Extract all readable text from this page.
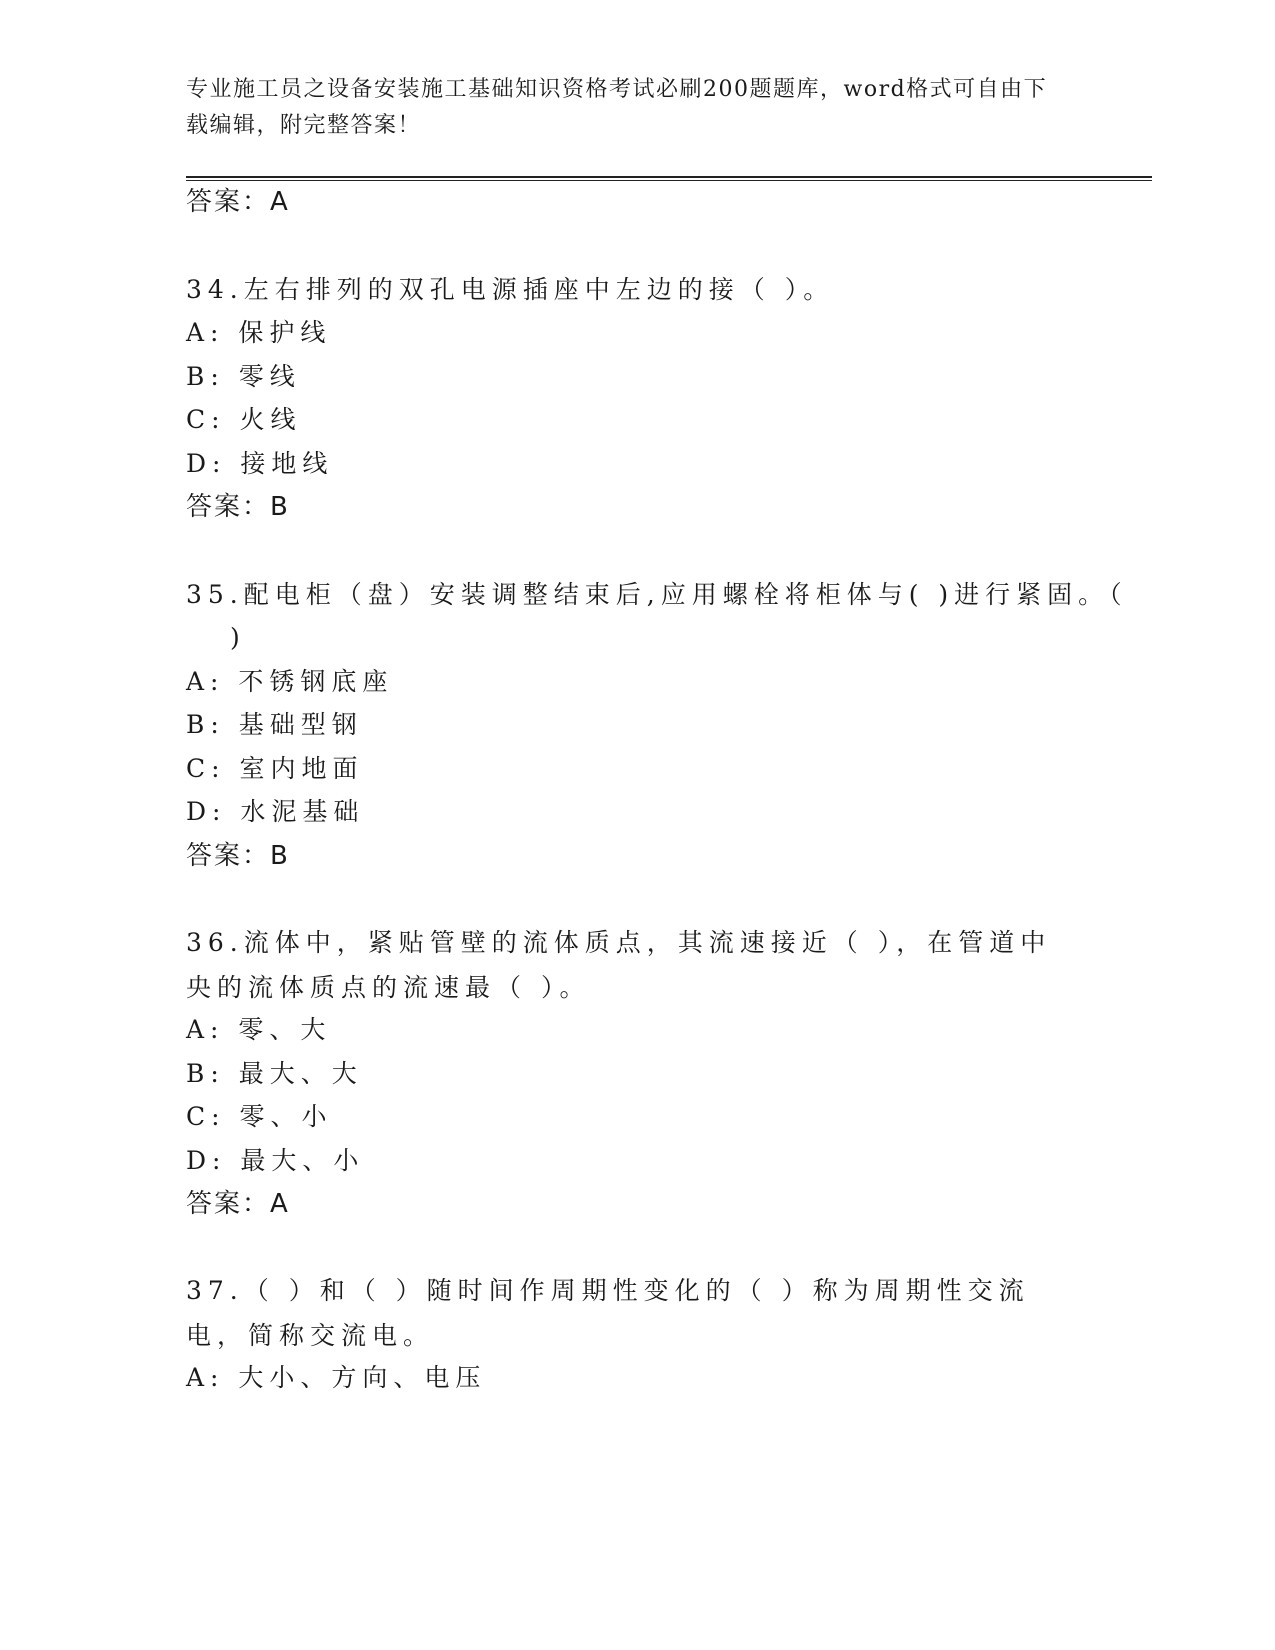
专业施工员之设备安装施工基础知识资格考试必刷200题题库，word格式可自由下载编辑，附完整答案！
答案：A
34.左右排列的双孔电源插座中左边的接（ ）。
A: 保护线
B: 零线
C: 火线
D: 接地线
答案：B
35.配电柜（盘）安装调整结束后,应用螺栓将柜体与( )进行紧固。（
)
A: 不锈钢底座
B: 基础型钢
C: 室内地面
D: 水泥基础
答案：B
36.流体中，紧贴管壁的流体质点，其流速接近（ ），在管道中央的流体质点的流速最（ ）。
A: 零、大
B: 最大、大
C: 零、小
D: 最大、小
答案：A
37.（ ）和（ ）随时间作周期性变化的（ ）称为周期性交流电，简称交流电。
A: 大小、方向、电压
